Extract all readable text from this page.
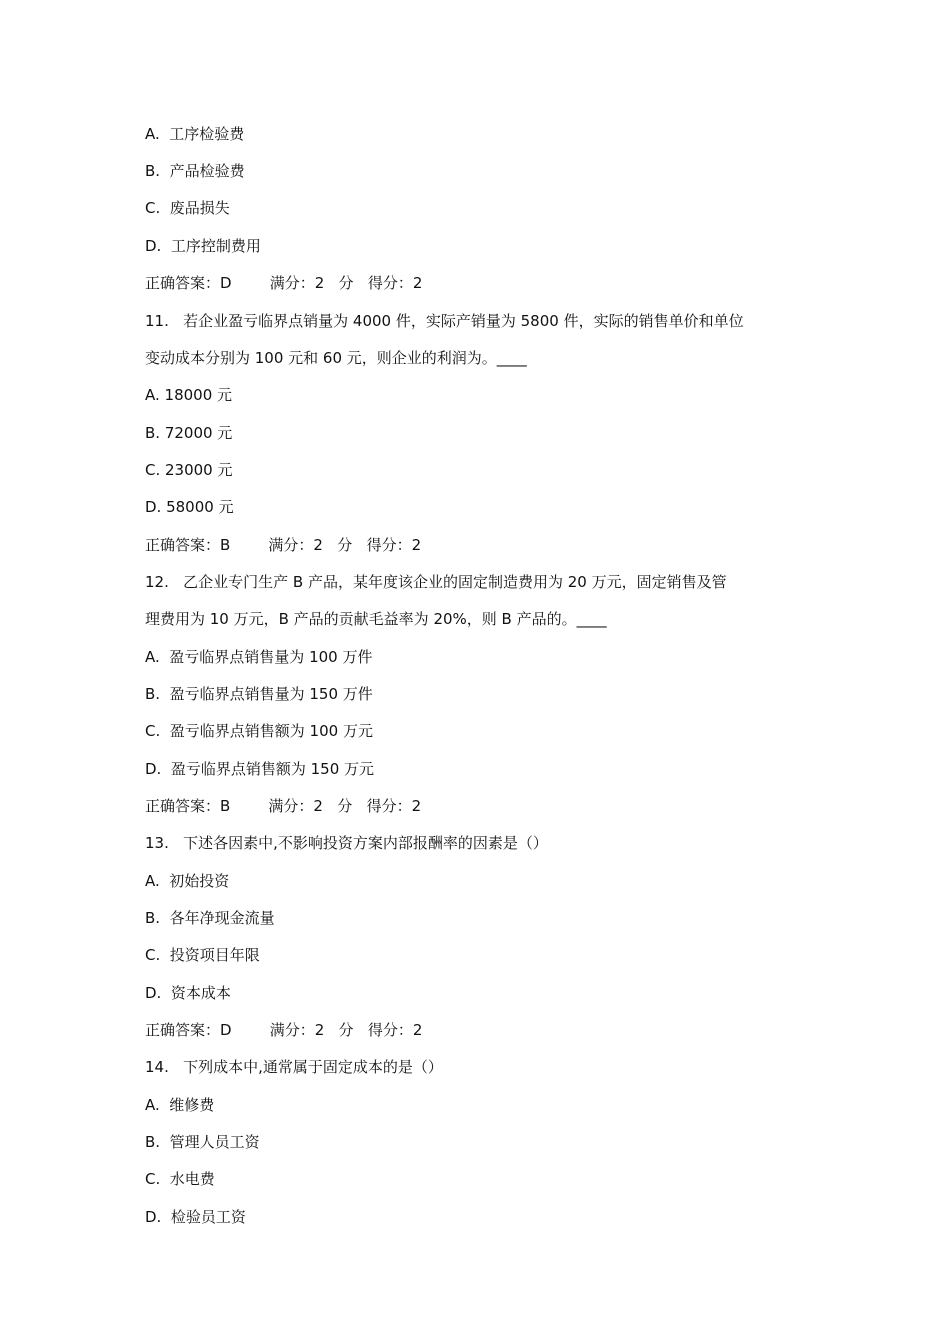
A.  工序检验费
B.  产品检验费
C.  废品损失
D.  工序控制费用
正确答案：D        满分：2   分   得分：2
11.   若企业盈亏临界点销量为 4000 件，实际产销量为 5800 件，实际的销售单价和单位
变动成本分别为 100 元和 60 元，则企业的利润为。____
A. 18000 元
B. 72000 元
C. 23000 元
D. 58000 元
正确答案：B        满分：2   分   得分：2
12.   乙企业专门生产 B 产品，某年度该企业的固定制造费用为 20 万元，固定销售及管
理费用为 10 万元，B 产品的贡献毛益率为 20%，则 B 产品的。____
A.  盈亏临界点销售量为 100 万件
B.  盈亏临界点销售量为 150 万件
C.  盈亏临界点销售额为 100 万元
D.  盈亏临界点销售额为 150 万元
正确答案：B        满分：2   分   得分：2
13.   下述各因素中,不影响投资方案内部报酬率的因素是（）
A.  初始投资
B.  各年净现金流量
C.  投资项目年限
D.  资本成本
正确答案：D        满分：2   分   得分：2
14.   下列成本中,通常属于固定成本的是（）
A.  维修费
B.  管理人员工资
C.  水电费
D.  检验员工资
